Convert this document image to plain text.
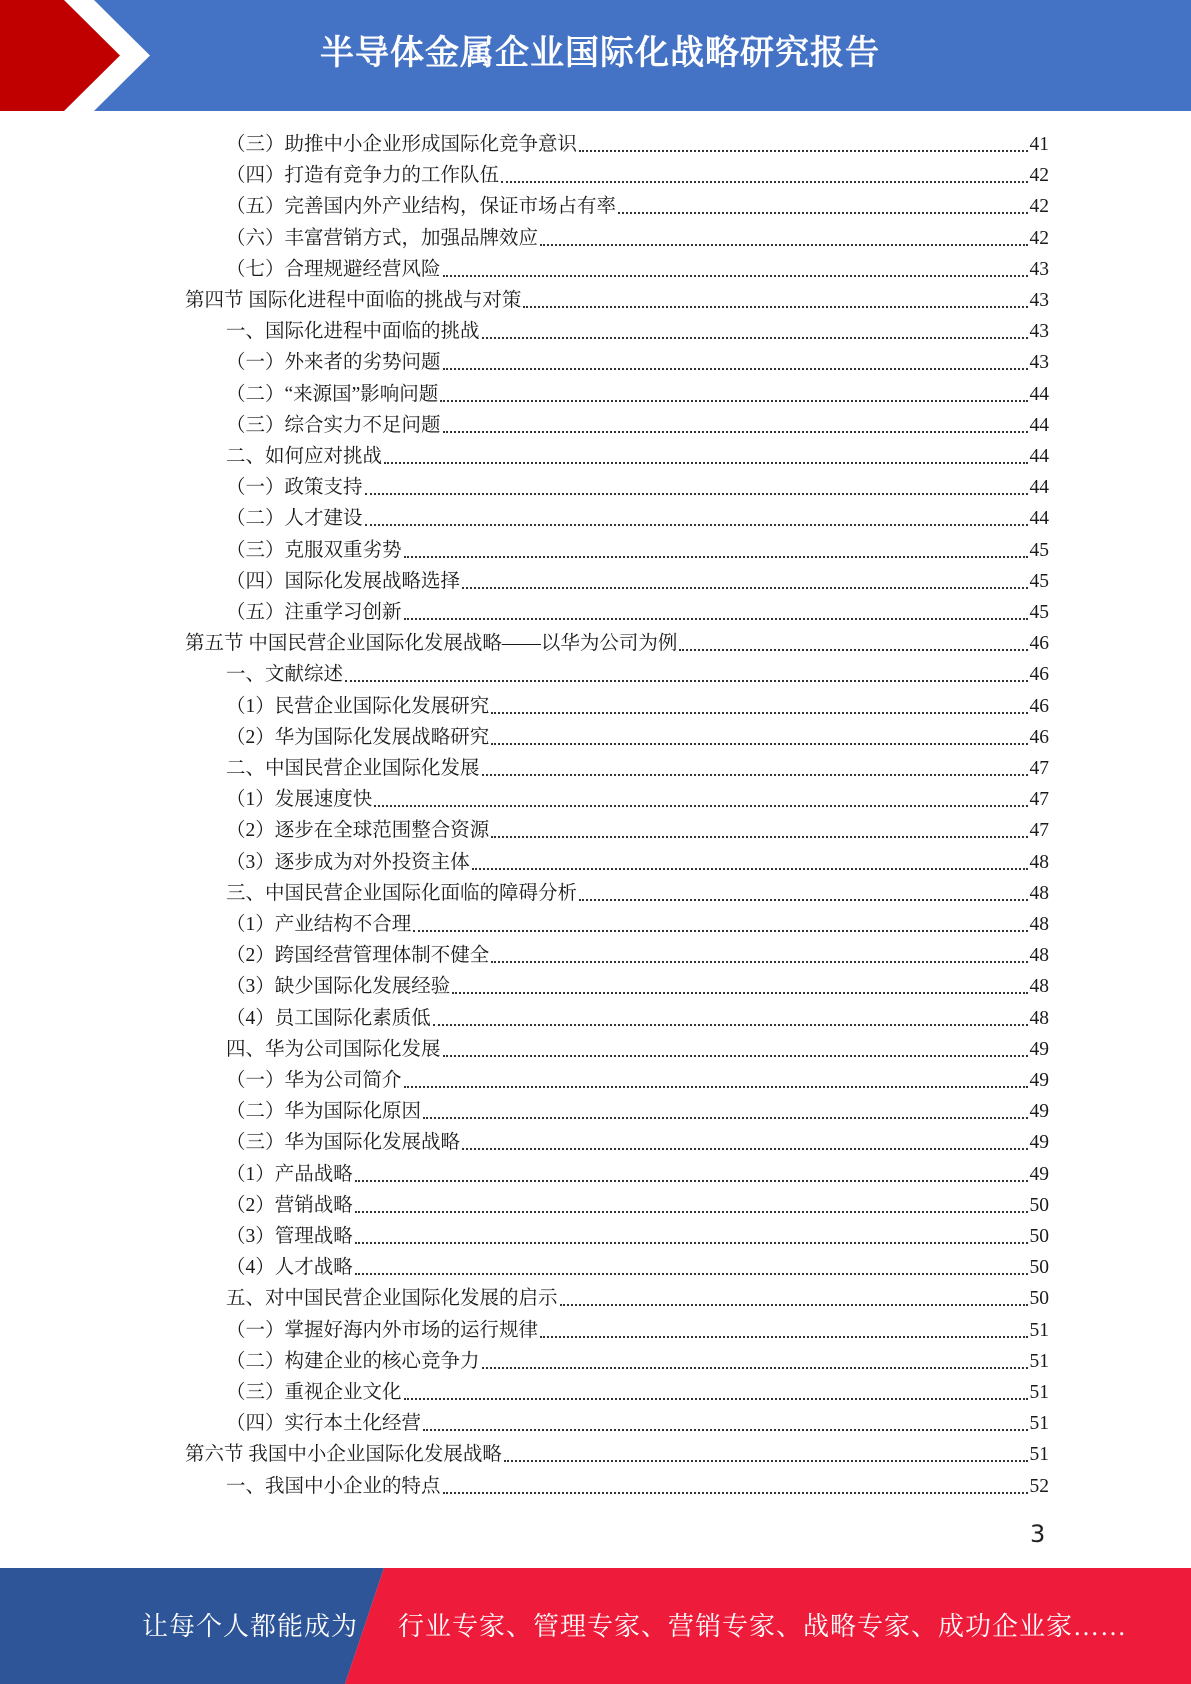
半导体金属企业国际化战略研究报告
（三）助推中小企业形成国际化竞争意识	41
（四）打造有竞争力的工作队伍	42
（五）完善国内外产业结构，保证市场占有率	42
（六）丰富营销方式，加强品牌效应	42
（七）合理规避经营风险	43
第四节 国际化进程中面临的挑战与对策	43
一、国际化进程中面临的挑战	43
（一）外来者的劣势问题	43
（二）“来源国”影响问题	44
（三）综合实力不足问题	44
二、如何应对挑战	44
（一）政策支持	44
（二）人才建设	44
（三）克服双重劣势	45
（四）国际化发展战略选择	45
（五）注重学习创新	45
第五节 中国民营企业国际化发展战略——以华为公司为例	46
一、文献综述	46
（1）民营企业国际化发展研究	46
（2）华为国际化发展战略研究	46
二、中国民营企业国际化发展	47
（1）发展速度快	47
（2）逐步在全球范围整合资源	47
（3）逐步成为对外投资主体	48
三、中国民营企业国际化面临的障碍分析	48
（1）产业结构不合理	48
（2）跨国经营管理体制不健全	48
（3）缺少国际化发展经验	48
（4）员工国际化素质低	48
四、华为公司国际化发展	49
（一）华为公司简介	49
（二）华为国际化原因	49
（三）华为国际化发展战略	49
（1）产品战略	49
（2）营销战略	50
（3）管理战略	50
（4）人才战略	50
五、对中国民营企业国际化发展的启示	50
（一）掌握好海内外市场的运行规律	51
（二）构建企业的核心竞争力	51
（三）重视企业文化	51
（四）实行本土化经营	51
第六节 我国中小企业国际化发展战略	51
一、我国中小企业的特点	52
3
让每个人都能成为 行业专家、管理专家、营销专家、战略专家、成功企业家……
